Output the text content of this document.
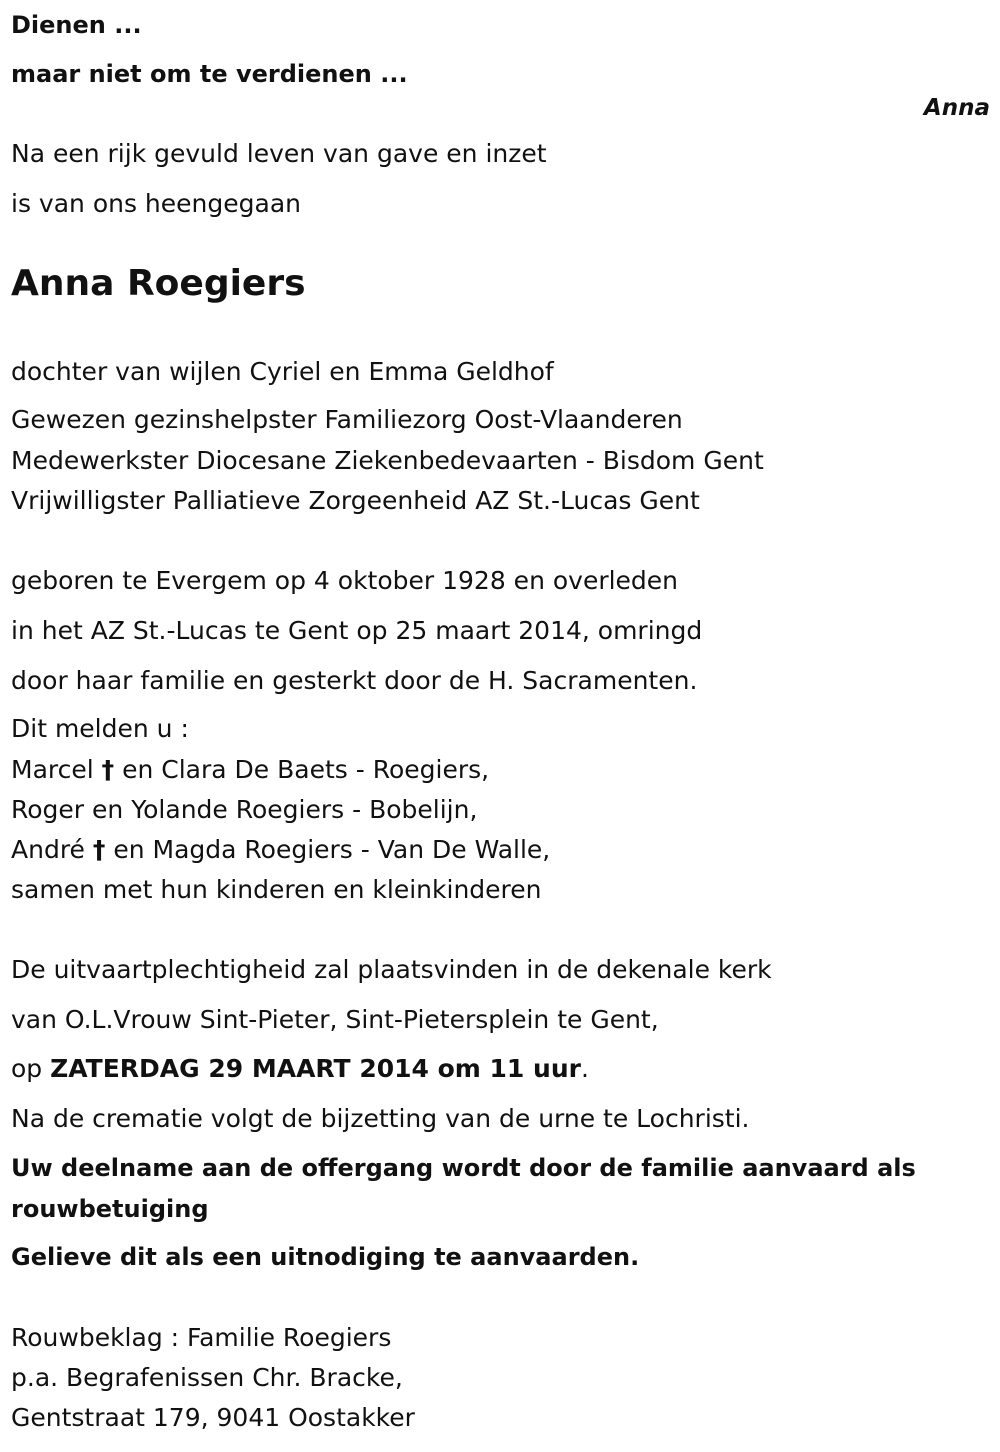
Dienen ...
maar niet om te verdienen ...
Anna
Na een rijk gevuld leven van gave en inzet
is van ons heengegaan
Anna Roegiers
dochter van wijlen Cyriel en Emma Geldhof
Gewezen gezinshelpster Familiezorg Oost-Vlaanderen
Medewerkster Diocesane Ziekenbedevaarten - Bisdom Gent
Vrijwilligster Palliatieve Zorgeenheid AZ St.-Lucas Gent
geboren te Evergem op 4 oktober 1928 en overleden
in het AZ St.-Lucas te Gent op 25 maart 2014, omringd
door haar familie en gesterkt door de H. Sacramenten.
Dit melden u :
Marcel † en Clara De Baets - Roegiers,
Roger en Yolande Roegiers - Bobelijn,
André † en Magda Roegiers - Van De Walle,
samen met hun kinderen en kleinkinderen
De uitvaartplechtigheid zal plaatsvinden in de dekenale kerk
van O.L.Vrouw Sint-Pieter, Sint-Pietersplein te Gent,
op ZATERDAG 29 MAART 2014 om 11 uur.
Na de crematie volgt de bijzetting van de urne te Lochristi.
Uw deelname aan de offergang wordt door de familie aanvaard als
rouwbetuiging
Gelieve dit als een uitnodiging te aanvaarden.
Rouwbeklag : Familie Roegiers
p.a. Begrafenissen Chr. Bracke,
Gentstraat 179, 9041 Oostakker
